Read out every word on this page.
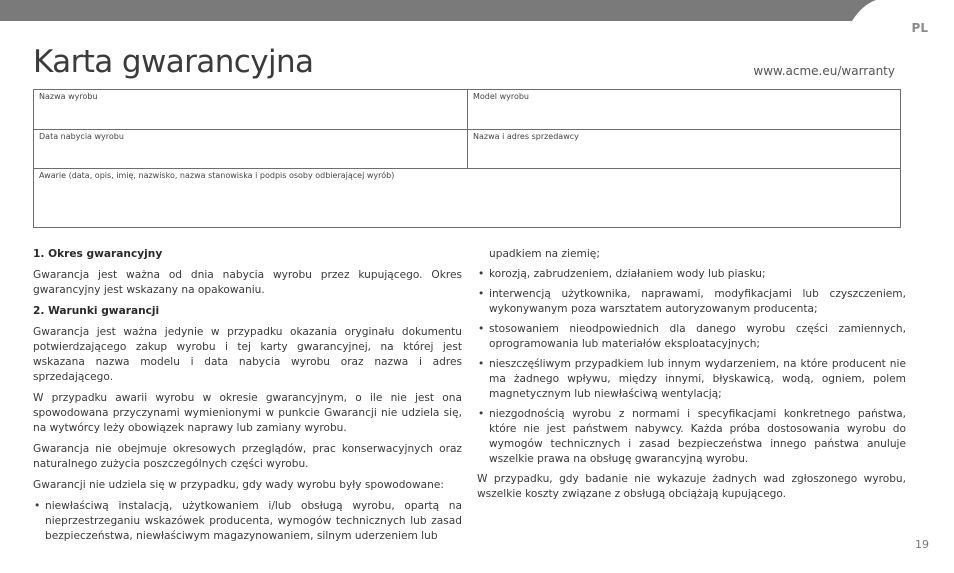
PL
Karta gwarancyjna	www.acme.eu/warranty
Nazwa wyrobu	Model wyrobu
Data nabycia wyrobu	Nazwa i adres sprzedawcy
Awarie (data, opis, imię, nazwisko, nazwa stanowiska i podpis osoby odbierającej wyrób)
1. Okres gwarancyjny

Gwarancja jest ważna od dnia nabycia wyrobu przez kupującego. Okres gwarancyjny jest wskazany na opakowaniu.

2. Warunki gwarancji

Gwarancja jest ważna jedynie w przypadku okazania oryginału dokumentu potwierdzającego zakup wyrobu i tej karty gwarancyjnej, na której jest wskazana nazwa modelu i data nabycia wyrobu oraz nazwa i adres sprzedającego.

W przypadku awarii wyrobu w okresie gwarancyjnym, o ile nie jest ona spowodowana przyczynami wymienionymi w punkcie Gwarancji nie udziela się, na wytwórcy leży obowiązek naprawy lub zamiany wyrobu.

Gwarancja nie obejmuje okresowych przeglądów, prac konserwacyjnych oraz naturalnego zużycia poszczególnych części wyrobu.

Gwarancji nie udziela się w przypadku, gdy wady wyrobu były spowodowane:

• niewłaściwą instalacją, użytkowaniem i/lub obsługą wyrobu, opartą na nieprzestrzeganiu wskazówek producenta, wymogów technicznych lub zasad bezpieczeństwa, niewłaściwym magazynowaniem, silnym uderzeniem lub
upadkiem na ziemię;
• korozją, zabrudzeniem, działaniem wody lub piasku;
• interwencją użytkownika, naprawami, modyfikacjami lub czyszczeniem, wykonywanym poza warsztatem autoryzowanym producenta;
• stosowaniem nieodpowiednich dla danego wyrobu części zamiennych, oprogramowania lub materiałów eksploatacyjnych;
• nieszczęśliwym przypadkiem lub innym wydarzeniem, na które producent nie ma żadnego wpływu, między innymi, błyskawicą, wodą, ogniem, polem magnetycznym lub niewłaściwą wentylacją;
• niezgodnością wyrobu z normami i specyfikacjami konkretnego państwa, które nie jest państwem nabywcy. Każda próba dostosowania wyrobu do wymogów technicznych i zasad bezpieczeństwa innego państwa anuluje wszelkie prawa na obsługę gwarancyjną wyrobu.

W przypadku, gdy badanie nie wykazuje żadnych wad zgłoszonego wyrobu, wszelkie koszty związane z obsługą obciążają kupującego.

19
